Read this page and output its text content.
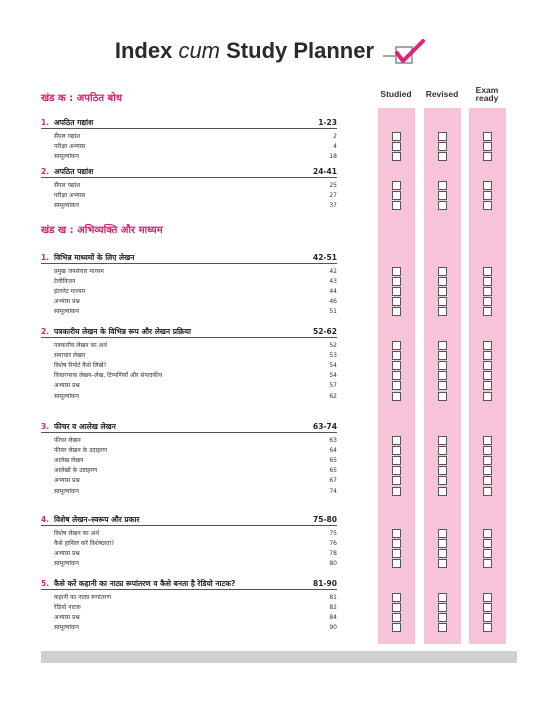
Index cum Study Planner
Studied	Revised	Exam
ready
खंड क : अपठित बोध
1. अपठित गद्यांश	1-23
सैंपल गद्यांश	2
परीक्षा अभ्यास	4
स्वमूल्यांकन	18
2. अपठित पद्यांश	24-41
सैंपल पद्यांश	25
परीक्षा अभ्यास	27
स्वमूल्यांकन	37
खंड ख : अभिव्यक्ति और माध्यम
1. विभिन्न माध्यमों के लिए लेखन	42-51
प्रमुख जनसंचार माध्यम	42
टेलीविजन	43
इंटरनेट माध्यम	44
अभ्यास प्रश्न	46
स्वमूल्यांकन	51
2. पत्रकारीय लेखन के विभिन्न रूप और लेखन प्रक्रिया	52-62
पत्रकारीय लेखन का अर्थ	52
समाचार लेखन	53
विशेष रिपोर्ट कैसे लिखें?	54
विचारपरक लेखन–लेख, टिप्पणियाँ और संपादकीय	54
अभ्यास प्रश्न	57
स्वमूल्यांकन	62
3. फीचर व आलेख लेखन	63-74
फीचर लेखन	63
फीचर लेखन के उदाहरण	64
आलेख लेखन	65
आलेखों के उदाहरण	65
अभ्यास प्रश्न	67
स्वमूल्यांकन	74
4. विशेष लेखन–स्वरूप और प्रकार	75-80
विशेष लेखन का अर्थ	75
कैसे हासिल करें विशेषज्ञता?	76
अभ्यास प्रश्न	78
स्वमूल्यांकन	80
5. कैसे करें कहानी का नाट्य रूपांतरण व कैसे बनता है रेडियो नाटक?	81-90
कहानी का नाट्य रूपांतरण	81
रेडियो नाटक	82
अभ्यास प्रश्न	84
स्वमूल्यांकन	90
